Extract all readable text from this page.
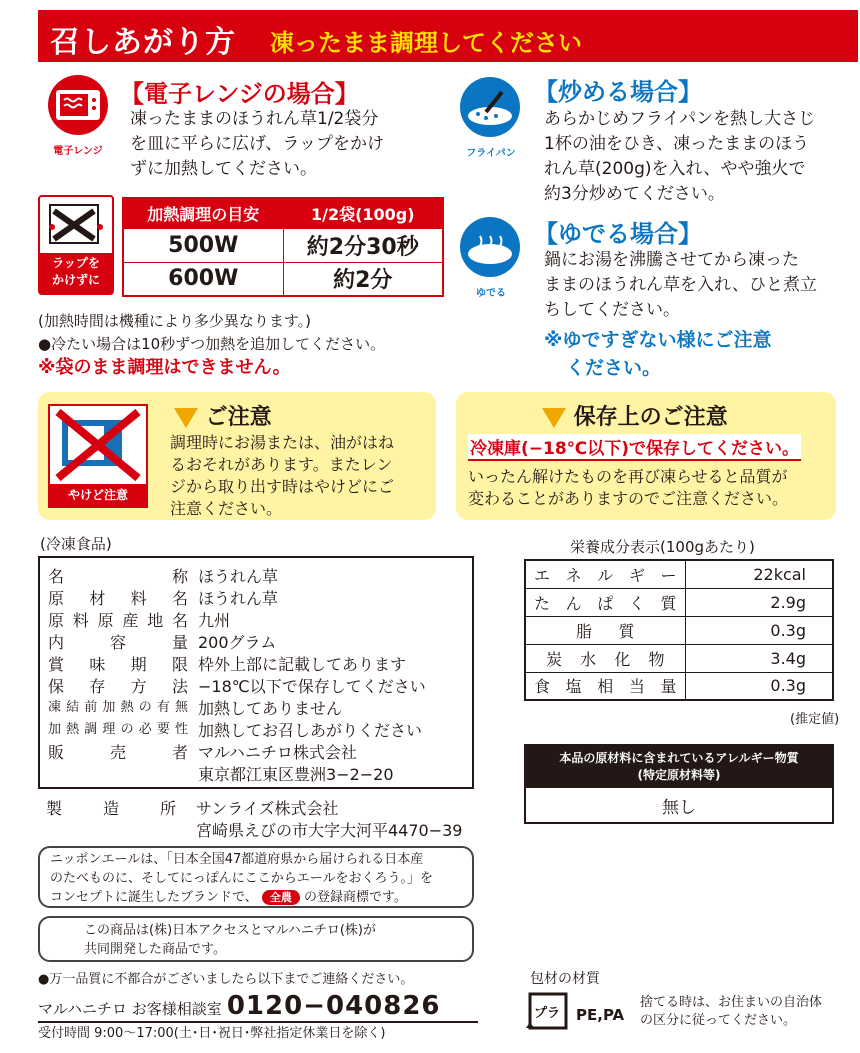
召しあがり方 凍ったまま調理してください
電子レンジ
【電子レンジの場合】
凍ったままのほうれん草1/2袋分
を皿に平らに広げ、ラップをかけ
ずに加熱してください。
ラップを
かけずに
加熱調理の目安	1/2袋(100g)
500W	約2分30秒
600W	約2分
(加熱時間は機種により多少異なります。)
●冷たい場合は10秒ずつ加熱を追加してください。
※袋のまま調理はできません。
フライパン
【炒める場合】
あらかじめフライパンを熱し大さじ
1杯の油をひき、凍ったままのほう
れん草(200g)を入れ、やや強火で
約3分炒めてください。
ゆでる
【ゆでる場合】
鍋にお湯を沸騰させてから凍った
ままのほうれん草を入れ、ひと煮立
ちしてください。
※ゆですぎない様にご注意
ください。
やけど注意
ご注意
調理時にお湯または、油がはね
るおそれがあります。またレン
ジから取り出す時はやけどにご
注意ください。
保存上のご注意
冷凍庫(−18℃以下)で保存してください。
いったん解けたものを再び凍らせると品質が
変わることがありますのでご注意ください。
(冷凍食品)
名称 ほうれん草
原材料名 ほうれん草
原料原産地名 九州
内容量 200グラム
賞味期限 枠外上部に記載してあります
保存方法 −18℃以下で保存してください
凍結前加熱の有無 加熱してありません
加熱調理の必要性 加熱してお召しあがりください
販売者 マルハニチロ株式会社
東京都江東区豊洲3−2−20
製造所 サンライズ株式会社
宮崎県えびの市大字大河平4470−39
栄養成分表示(100gあたり)
エネルギー	22kcal
たんぱく質	2.9g
脂質	0.3g
炭水化物	3.4g
食塩相当量	0.3g
(推定値)
本品の原材料に含まれているアレルギー物質
(特定原材料等)
無し
ニッポンエールは、「日本全国47都道府県から届けられる日本産
のたべものに、そしてにっぽんにここからエールをおくろう。」を
コンセプトに誕生したブランドで、 全農 の登録商標です。
この商品は(株)日本アクセスとマルハニチロ(株)が
共同開発した商品です。
●万一品質に不都合がございましたら以下までご連絡ください。
マルハニチロ お客様相談室 0120−040826
受付時間 9:00〜17:00(土･日･祝日･弊社指定休業日を除く)
包材の材質
プラ PE,PA
捨てる時は、お住まいの自治体
の区分に従ってください。
